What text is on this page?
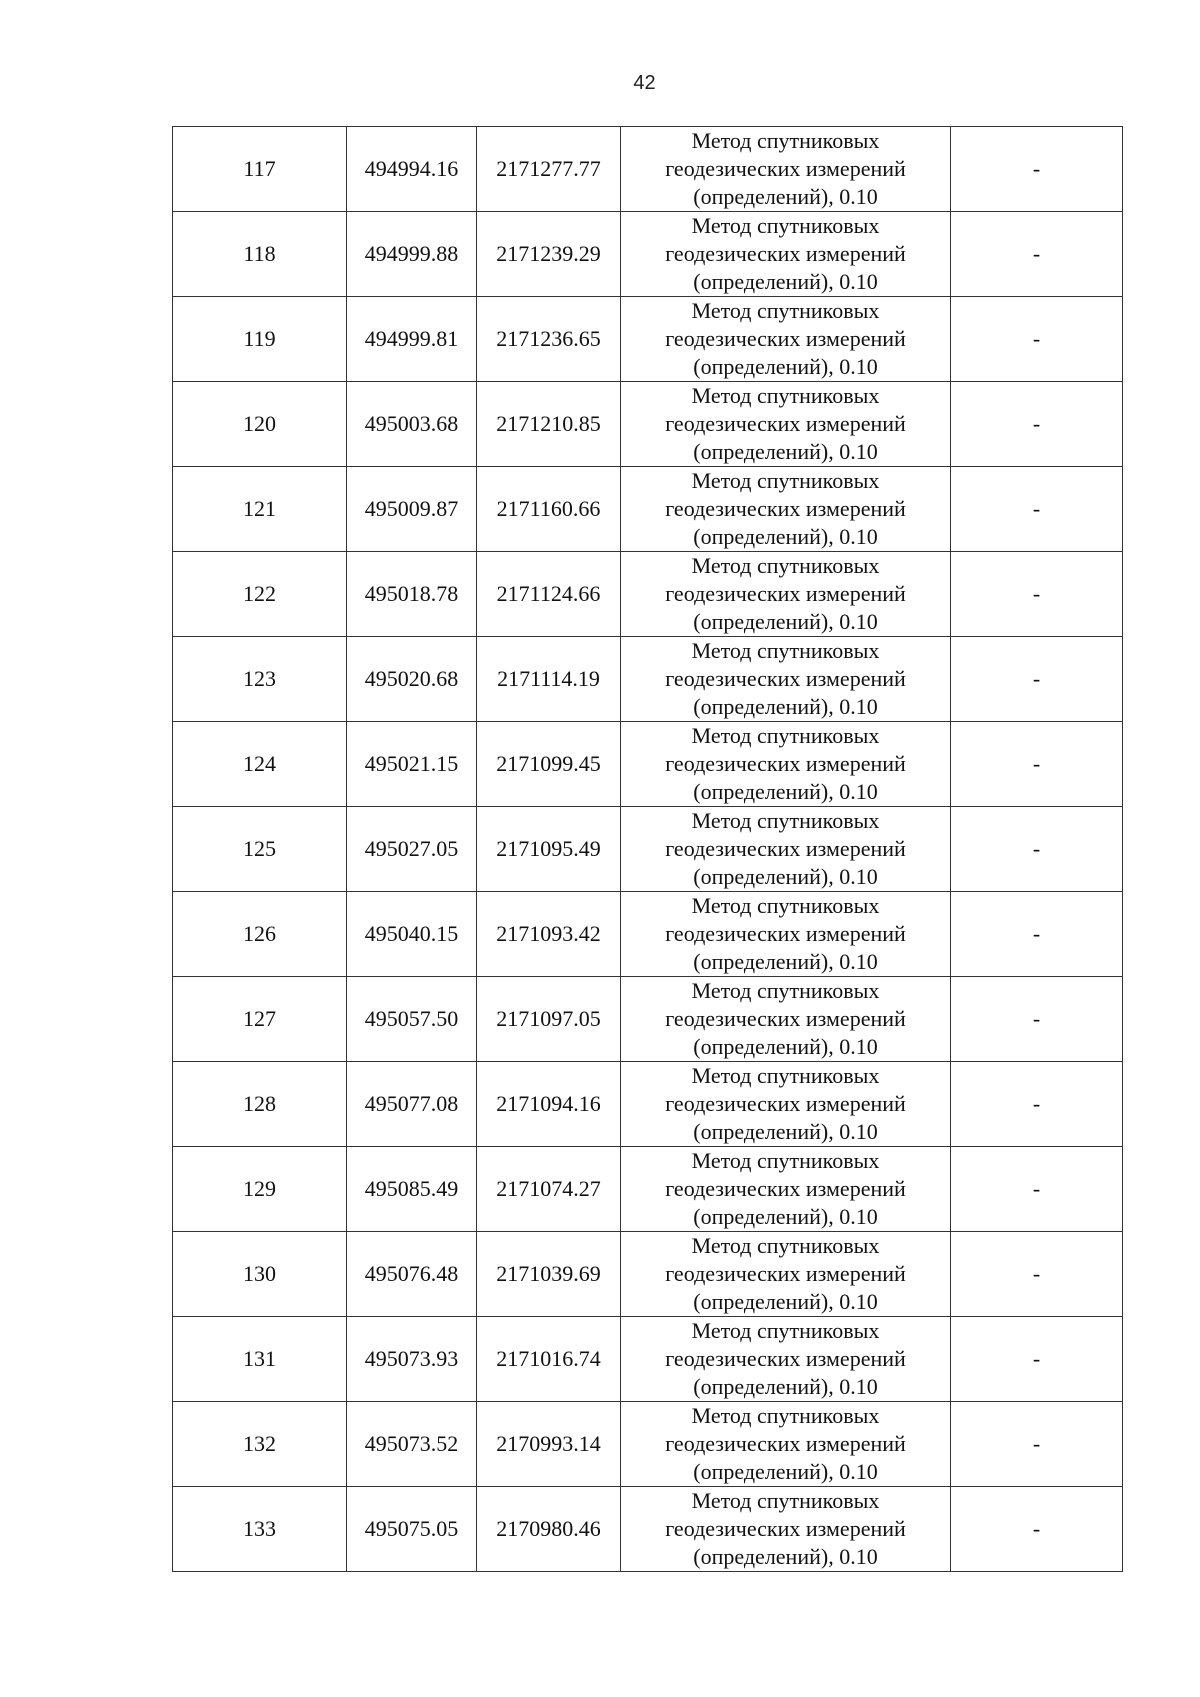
42
117	494994.16	2171277.77	Метод спутниковых
геодезических измерений
(определений), 0.10	-
118	494999.88	2171239.29	Метод спутниковых
геодезических измерений
(определений), 0.10	-
119	494999.81	2171236.65	Метод спутниковых
геодезических измерений
(определений), 0.10	-
120	495003.68	2171210.85	Метод спутниковых
геодезических измерений
(определений), 0.10	-
121	495009.87	2171160.66	Метод спутниковых
геодезических измерений
(определений), 0.10	-
122	495018.78	2171124.66	Метод спутниковых
геодезических измерений
(определений), 0.10	-
123	495020.68	2171114.19	Метод спутниковых
геодезических измерений
(определений), 0.10	-
124	495021.15	2171099.45	Метод спутниковых
геодезических измерений
(определений), 0.10	-
125	495027.05	2171095.49	Метод спутниковых
геодезических измерений
(определений), 0.10	-
126	495040.15	2171093.42	Метод спутниковых
геодезических измерений
(определений), 0.10	-
127	495057.50	2171097.05	Метод спутниковых
геодезических измерений
(определений), 0.10	-
128	495077.08	2171094.16	Метод спутниковых
геодезических измерений
(определений), 0.10	-
129	495085.49	2171074.27	Метод спутниковых
геодезических измерений
(определений), 0.10	-
130	495076.48	2171039.69	Метод спутниковых
геодезических измерений
(определений), 0.10	-
131	495073.93	2171016.74	Метод спутниковых
геодезических измерений
(определений), 0.10	-
132	495073.52	2170993.14	Метод спутниковых
геодезических измерений
(определений), 0.10	-
133	495075.05	2170980.46	Метод спутниковых
геодезических измерений
(определений), 0.10	-
